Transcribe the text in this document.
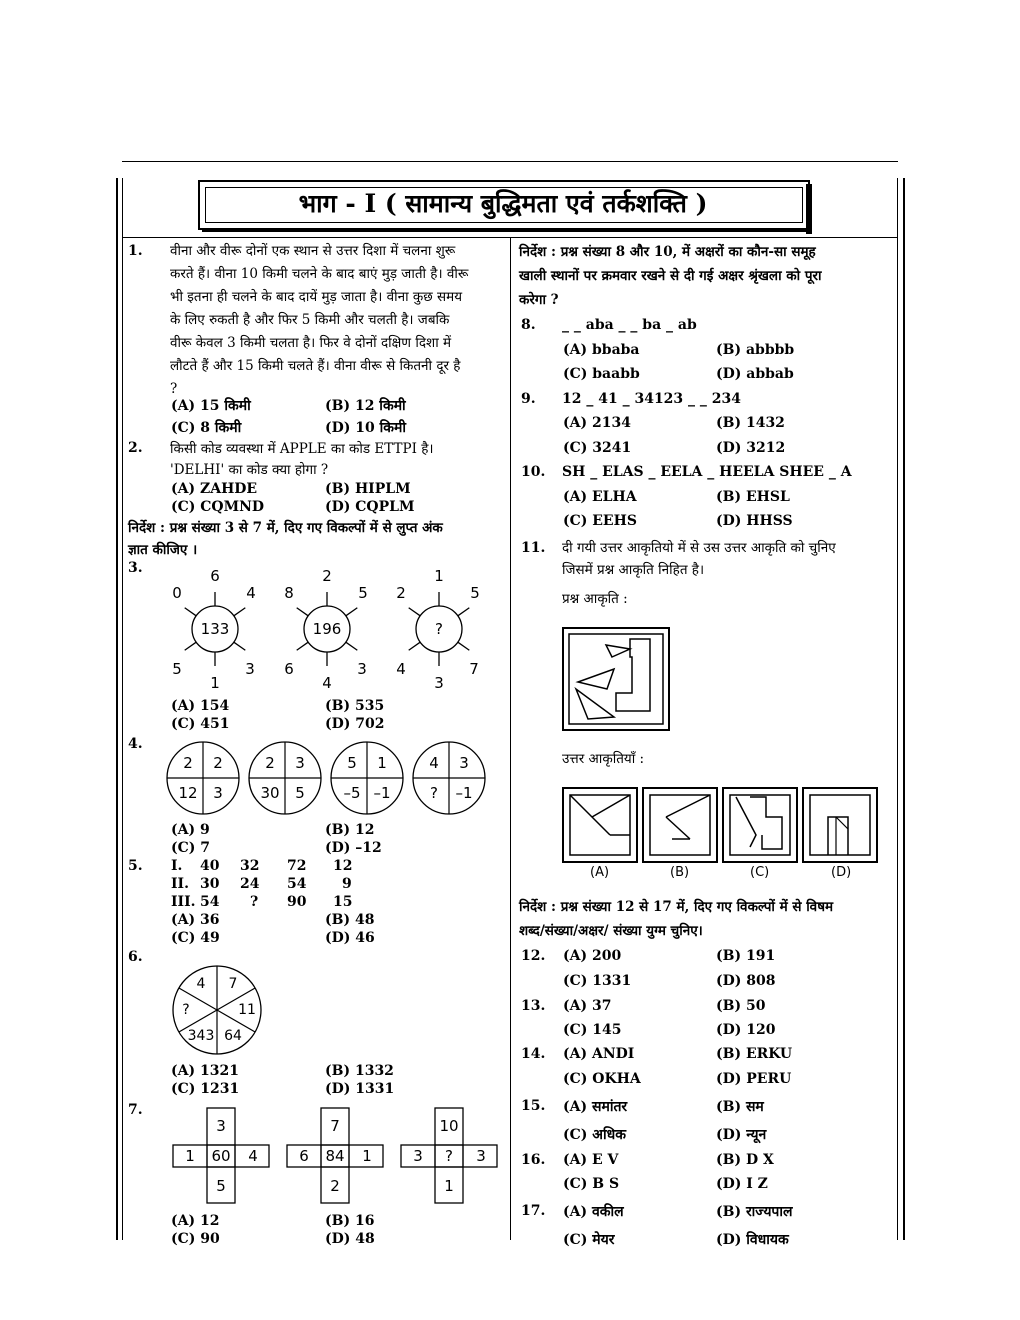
भाग - I ( सामान्य बुद्धिमता एवं तर्कशक्ति )
1. वीना और वीरू दोनों एक स्थान से उत्तर दिशा में चलना शुरू
करते हैं। वीना 10 किमी चलने के बाद बाएं मुड़ जाती है। वीरू
भी इतना ही चलने के बाद दायें मुड़ जाता है। वीना कुछ समय
के लिए रुकती है और फिर 5 किमी और चलती है। जबकि
वीरू केवल 3 किमी चलता है। फिर वे दोनों दक्षिण दिशा में
लौटते हैं और 15 किमी चलते हैं। वीना वीरू से कितनी दूर है
?
(A) 15 किमी	(B) 12 किमी
(C) 8 किमी	(D) 10 किमी
2. किसी कोड व्यवस्था में APPLE का कोड ETTPI है।
'DELHI' का कोड क्या होगा ?
(A) ZAHDE	(B) HIPLM
(C) CQMND	(D) CQPLM
निर्देश : प्रश्न संख्या 3 से 7 में, दिए गए विकल्पों में से लुप्त अंक
ज्ञात कीजिए ।
3.	6
4
0
5
1
3
133
2
5
8
6
4
3
196
1
5
2
4
3
7
?
(A) 154	(B) 535
(C) 451	(D) 702
4.
2 2
12 3
2 3
30 5
5 1
–5 –1
4 3
? –1
(A) 9	(B) 12
(C) 7	(D) –12
5. I. 40 32 72 12
II. 30 24 54	9
III. 54 ? 90 15
(A) 36	(B) 48
(C) 49	(D) 46
6.
4 7
11
64
343
?
(A) 1321	(B) 1332
(C) 1231	(D) 1331
7.
3
1 60 4
5
7
6 84 1
2
10
3 ? 3
1
(A) 12	(B) 16
(C) 90	(D) 48
निर्देश : प्रश्न संख्या 8 और 10, में अक्षरों का कौन-सा समूह
खाली स्थानों पर क्रमवार रखने से दी गई अक्षर श्रृंखला को पूरा
करेगा ?
8. _ _ aba _ _ ba _ ab
(A) bbaba	(B) abbbb
(C) baabb	(D) abbab
9. 12 _ 41 _ 34123 _ _ 234
(A) 2134	(B) 1432
(C) 3241	(D) 3212
10. SH _ ELAS _ EELA _ HEELA SHEE _ A
(A) ELHA	(B) EHSL
(C) EEHS	(D) HHSS
11. दी गयी उत्तर आकृतियो में से उस उत्तर आकृति को चुनिए
जिसमें प्रश्न आकृति निहित है।
प्रश्न आकृति :
उत्तर आकृतियाँ :
(A)	(B)	(C)	(D)
निर्देश : प्रश्न संख्या 12 से 17 में, दिए गए विकल्पों में से विषम
शब्द/संख्या/अक्षर/ संख्या युग्म चुनिए।
12. (A) 200	(B) 191
(C) 1331	(D) 808
13. (A) 37	(B) 50
(C) 145	(D) 120
14. (A) ANDI	(B) ERKU
(C) OKHA	(D) PERU
15. (A) समांतर	(B) सम
(C) अधिक	(D) न्यून
16. (A) E V	(B) D X
(C) B S	(D) I Z
17. (A) वकील	(B) राज्यपाल
(C) मेयर	(D) विधायक
